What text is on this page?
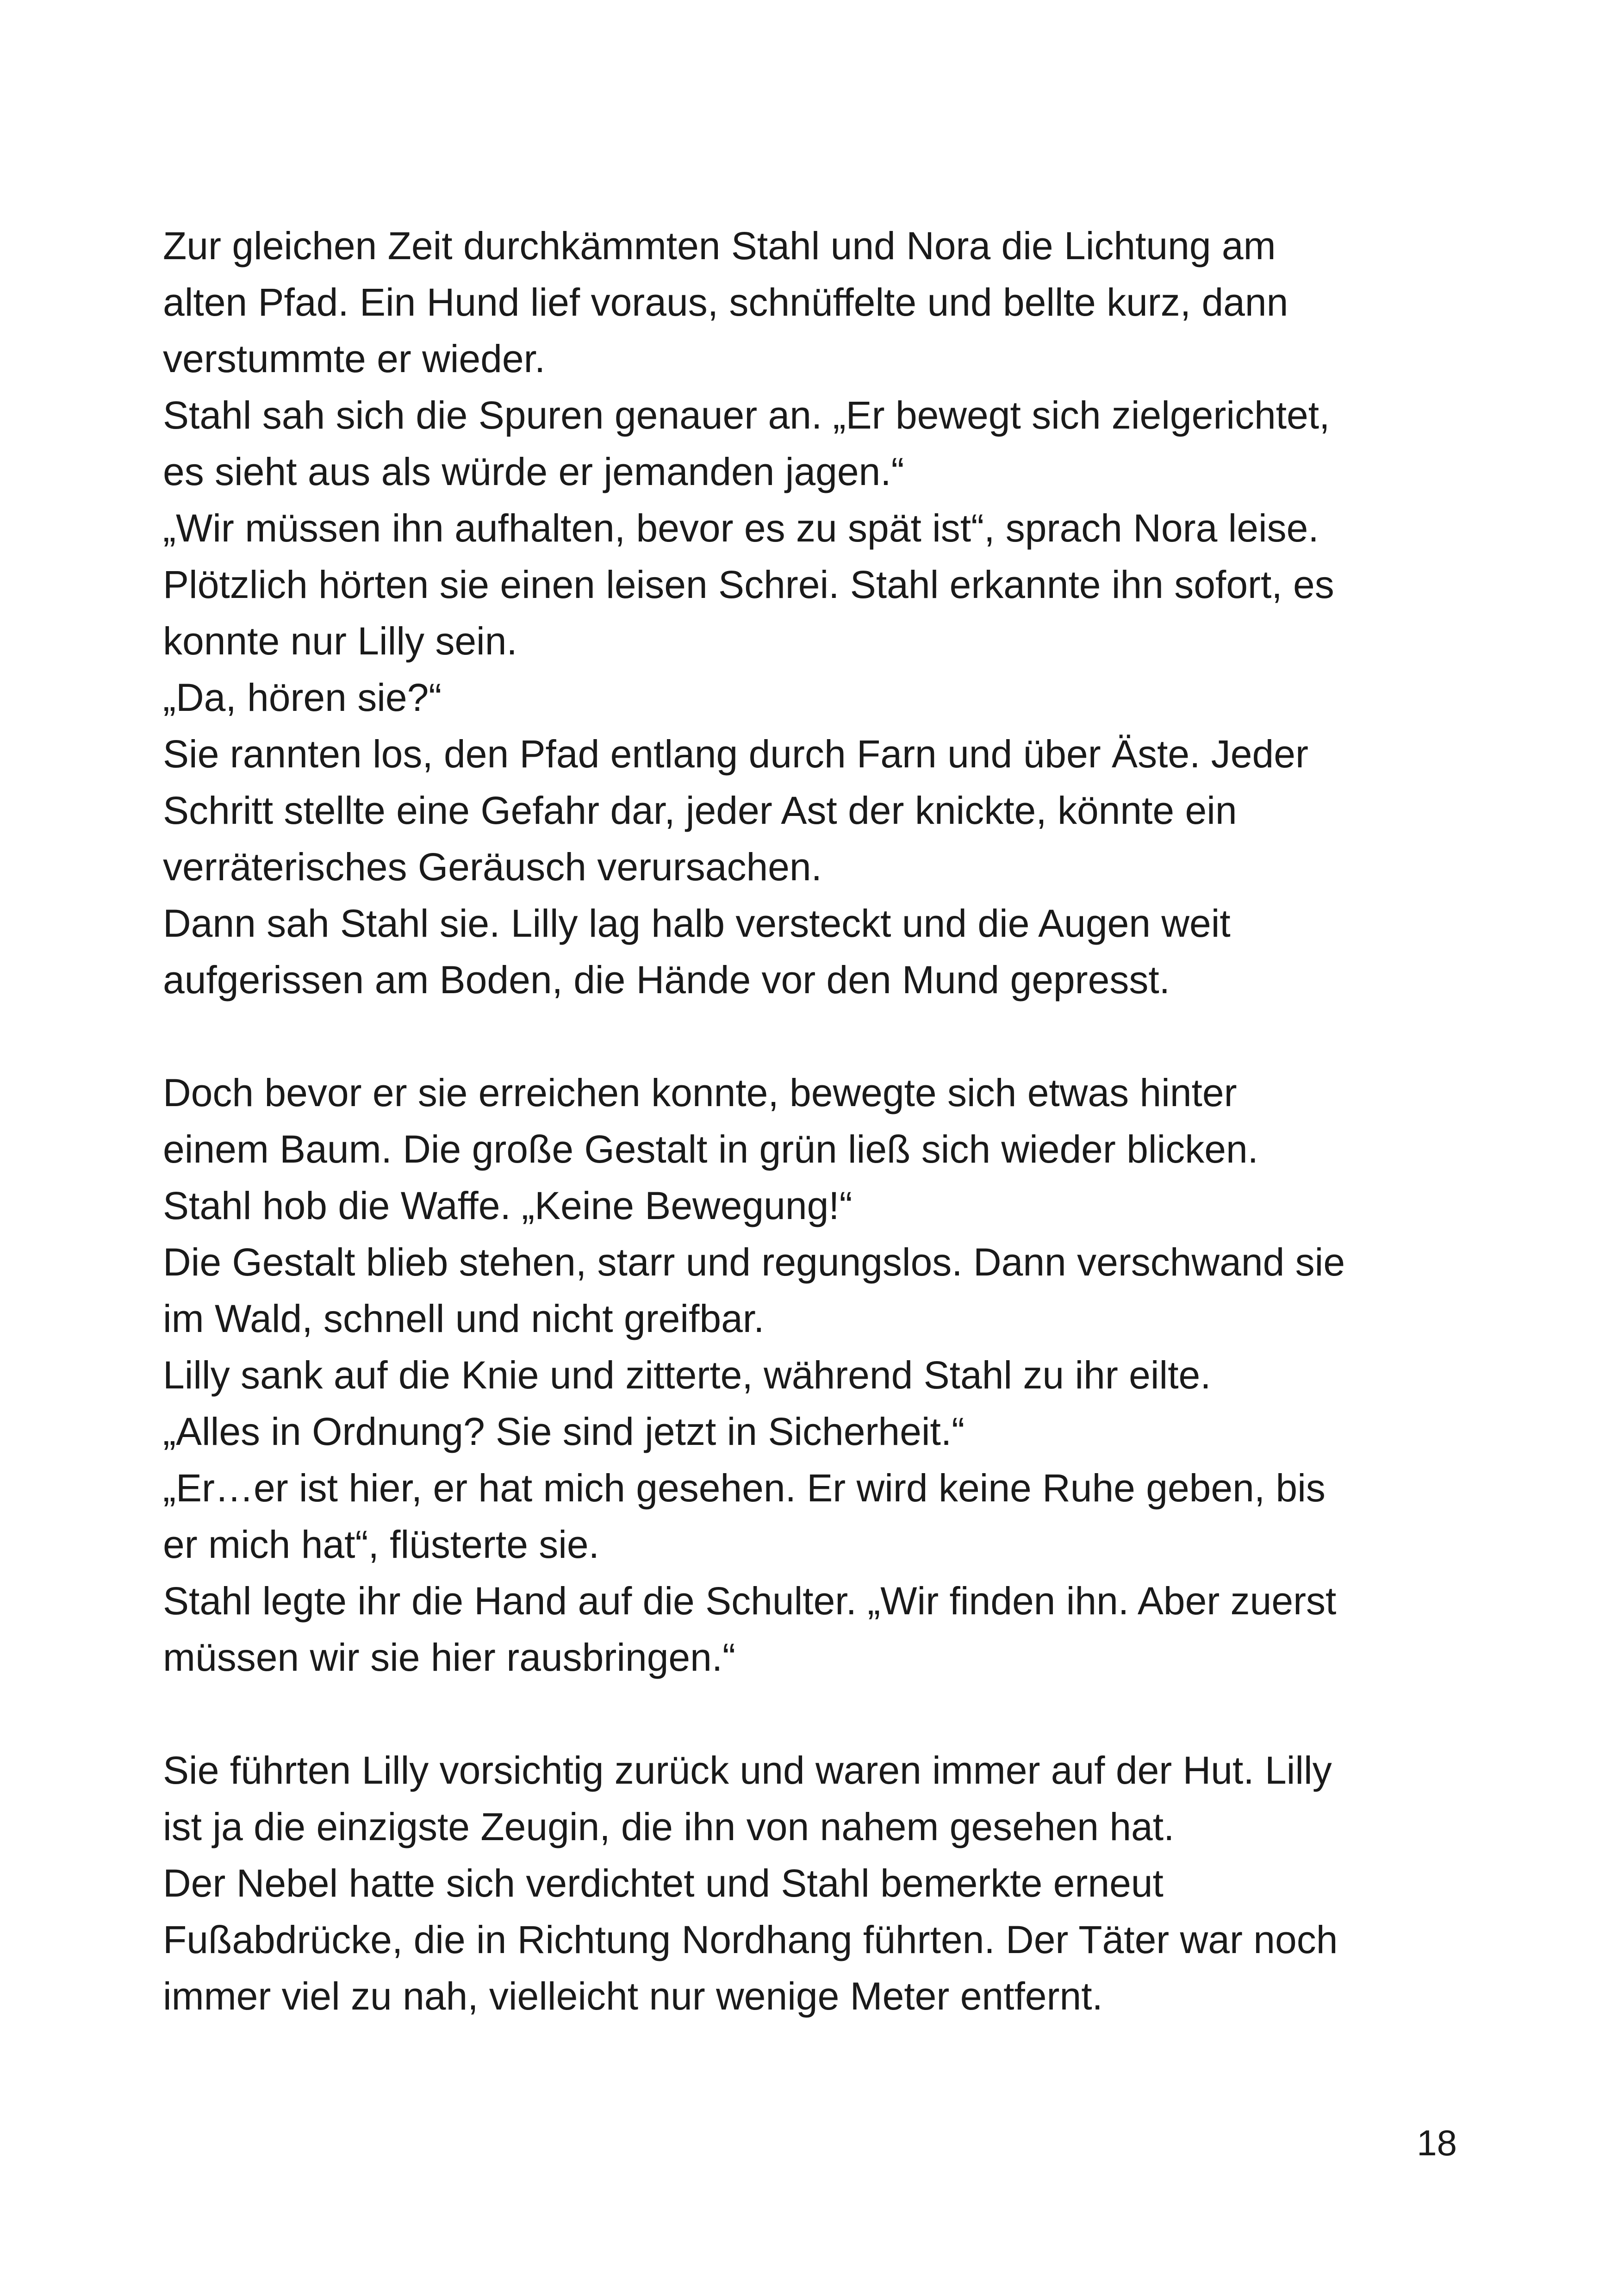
Zur gleichen Zeit durchkämmten Stahl und Nora die Lichtung am
alten Pfad. Ein Hund lief voraus, schnüffelte und bellte kurz, dann
verstummte er wieder.
Stahl sah sich die Spuren genauer an. „Er bewegt sich zielgerichtet,
es sieht aus als würde er jemanden jagen.“
„Wir müssen ihn aufhalten, bevor es zu spät ist“, sprach Nora leise.
Plötzlich hörten sie einen leisen Schrei. Stahl erkannte ihn sofort, es
konnte nur Lilly sein.
„Da, hören sie?“
Sie rannten los, den Pfad entlang durch Farn und über Äste. Jeder
Schritt stellte eine Gefahr dar, jeder Ast der knickte, könnte ein
verräterisches Geräusch verursachen.
Dann sah Stahl sie. Lilly lag halb versteckt und die Augen weit
aufgerissen am Boden, die Hände vor den Mund gepresst.
Doch bevor er sie erreichen konnte, bewegte sich etwas hinter
einem Baum. Die große Gestalt in grün ließ sich wieder blicken.
Stahl hob die Waffe. „Keine Bewegung!“
Die Gestalt blieb stehen, starr und regungslos. Dann verschwand sie
im Wald, schnell und nicht greifbar.
Lilly sank auf die Knie und zitterte, während Stahl zu ihr eilte.
„Alles in Ordnung? Sie sind jetzt in Sicherheit.“
„Er…er ist hier, er hat mich gesehen. Er wird keine Ruhe geben, bis
er mich hat“, flüsterte sie.
Stahl legte ihr die Hand auf die Schulter. „Wir finden ihn. Aber zuerst
müssen wir sie hier rausbringen.“
Sie führten Lilly vorsichtig zurück und waren immer auf der Hut. Lilly
ist ja die einzigste Zeugin, die ihn von nahem gesehen hat.
Der Nebel hatte sich verdichtet und Stahl bemerkte erneut
Fußabdrücke, die in Richtung Nordhang führten. Der Täter war noch
immer viel zu nah, vielleicht nur wenige Meter entfernt.
18
